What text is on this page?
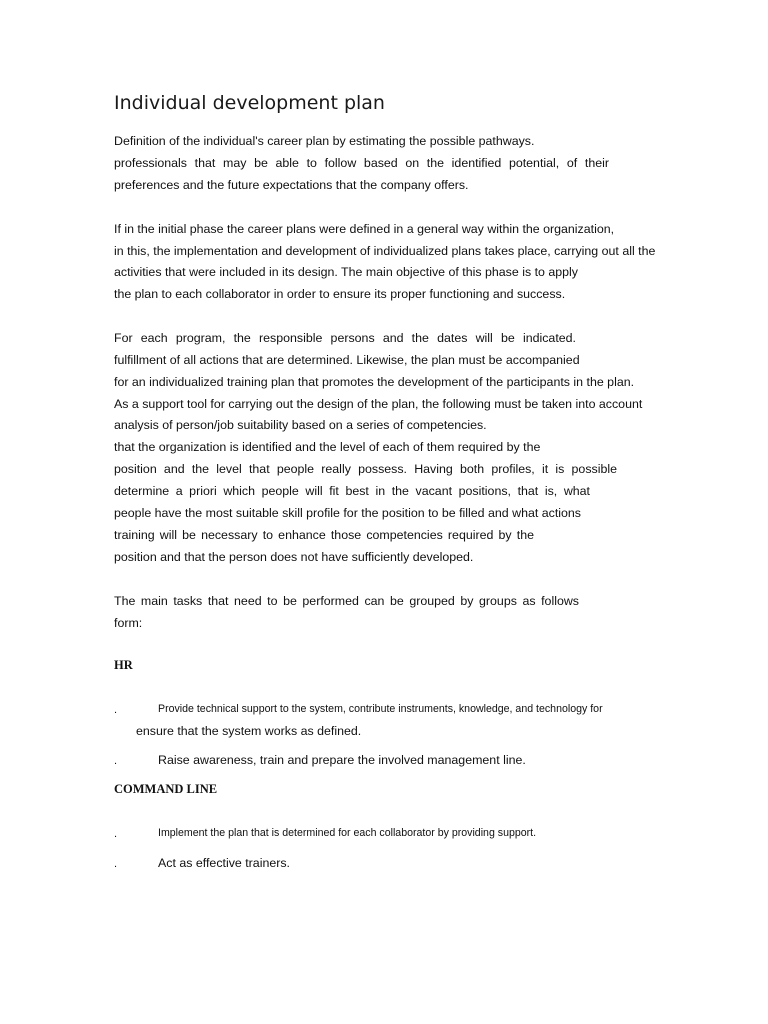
Individual development plan

Definition of the individual's career plan by estimating the possible pathways.

professionals that may be able to follow based on the identified potential, of their

preferences and the future expectations that the company offers.

If in the initial phase the career plans were defined in a general way within the organization,

in this, the implementation and development of individualized plans takes place, carrying out all the

activities that were included in its design. The main objective of this phase is to apply

the plan to each collaborator in order to ensure its proper functioning and success.

For each program, the responsible persons and the dates will be indicated.

fulfillment of all actions that are determined. Likewise, the plan must be accompanied

for an individualized training plan that promotes the development of the participants in the plan.

As a support tool for carrying out the design of the plan, the following must be taken into account

analysis of person/job suitability based on a series of competencies.

that the organization is identified and the level of each of them required by the

position and the level that people really possess. Having both profiles, it is possible

determine a priori which people will fit best in the vacant positions, that is, what

people have the most suitable skill profile for the position to be filled and what actions

training will be necessary to enhance those competencies required by the

position and that the person does not have sufficiently developed.

The main tasks that need to be performed can be grouped by groups as follows

form:

HR

.	Provide technical support to the system, contribute instruments, knowledge, and technology for
ensure that the system works as defined.
.	Raise awareness, train and prepare the involved management line.

COMMAND LINE

.	Implement the plan that is determined for each collaborator by providing support.
.	Act as effective trainers.
